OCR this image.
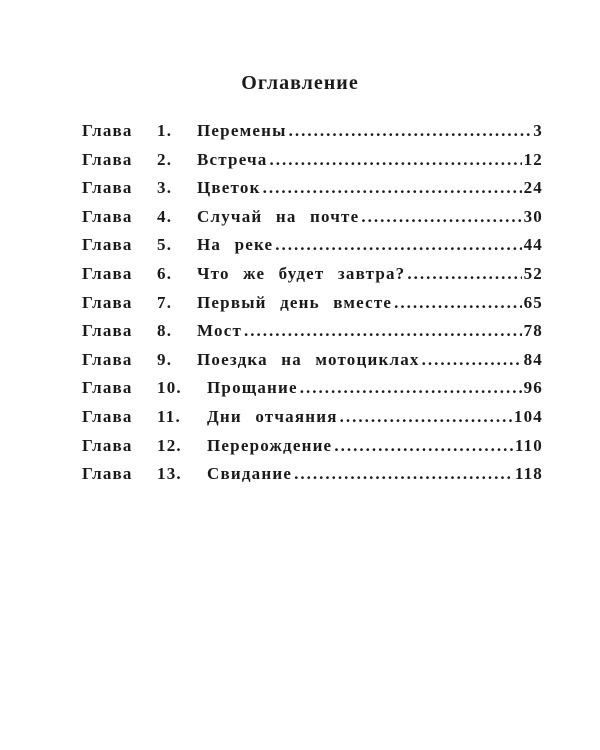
Оглавление
Глава	1.	Перемены .....	3
Глава	2.	Встреча .....	12
Глава	3.	Цветок .....	24
Глава	4.	Случай на почте .....	30
Глава	5.	На реке .....	44
Глава	6.	Что же будет завтра? .....	52
Глава	7.	Первый день вместе .....	65
Глава	8.	Мост .....	78
Глава	9.	Поездка на мотоциклах .....	84
Глава	10.	Прощание .....	96
Глава	11.	Дни отчаяния .....	104
Глава	12.	Перерождение .....	110
Глава	13.	Свидание .....	118
